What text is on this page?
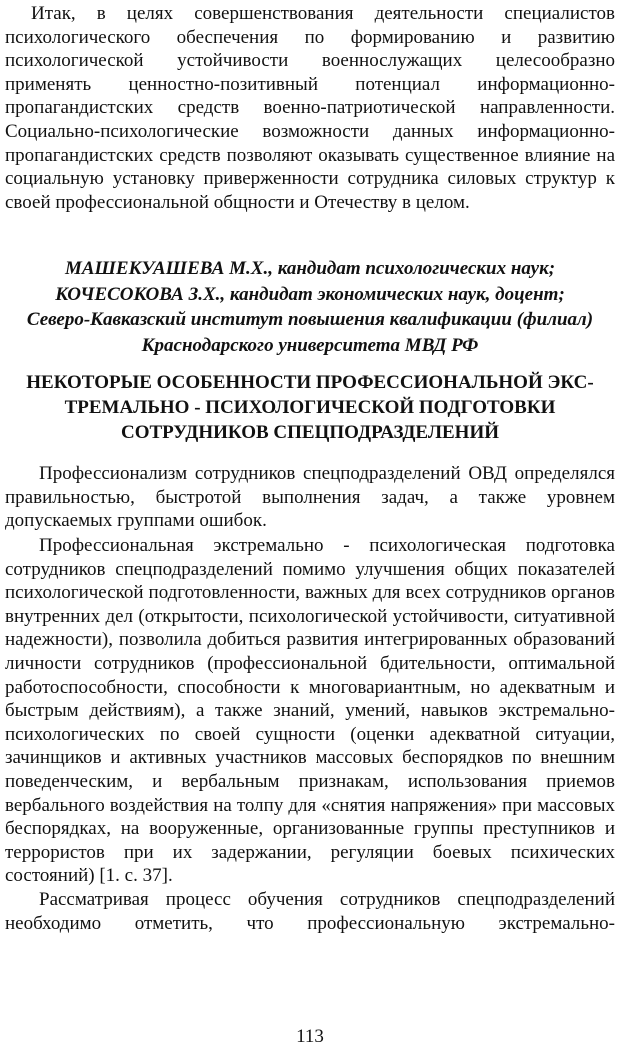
Итак, в целях совершенствования деятельности специалистов психологического обеспечения по формированию и развитию психологической устойчивости военнослужащих целесообразно применять ценностно-позитивный потенциал информационно-пропагандистских средств военно-патриотической направленности. Социально-психологические возможности данных информационно-пропагандистских средств позволяют оказывать существенное влияние на социальную установку приверженности сотрудника силовых структур к своей профессиональной общности и Отечеству в целом.

МАШЕКУАШЕВА М.Х., кандидат психологических наук;
КОЧЕСОКОВА З.Х., кандидат экономических наук, доцент;
Северо-Кавказский институт повышения квалификации (филиал)
Краснодарского университета МВД РФ
НЕКОТОРЫЕ ОСОБЕННОСТИ ПРОФЕССИОНАЛЬНОЙ ЭКС-
ТРЕМАЛЬНО - ПСИХОЛОГИЧЕСКОЙ ПОДГОТОВКИ
СОТРУДНИКОВ СПЕЦПОДРАЗДЕЛЕНИЙ

Профессионализм сотрудников спецподразделений ОВД определялся правильностью, быстротой выполнения задач, а также уровнем допускаемых группами ошибок.

Профессиональная экстремально - психологическая подготовка сотрудников спецподразделений помимо улучшения общих показателей психологической подготовленности, важных для всех сотрудников органов внутренних дел (открытости, психологической устойчивости, ситуативной надежности), позволила добиться развития интегрированных образований личности сотрудников (профессиональной бдительности, оптимальной работоспособности, способности к многовариантным, но адекватным и быстрым действиям), а также знаний, умений, навыков экстремально-психологических по своей сущности (оценки адекватной ситуации, зачинщиков и активных участников массовых беспорядков по внешним поведенческим, и вербальным признакам, использования приемов вербального воздействия на толпу для «снятия напряжения» при массовых беспорядках, на вооруженные, организованные группы преступников и террористов при их задержании, регуляции боевых психических состояний) [1. с. 37].

Рассматривая процесс обучения сотрудников спецподразделений необходимо отметить, что профессиональную экстремально-

113
